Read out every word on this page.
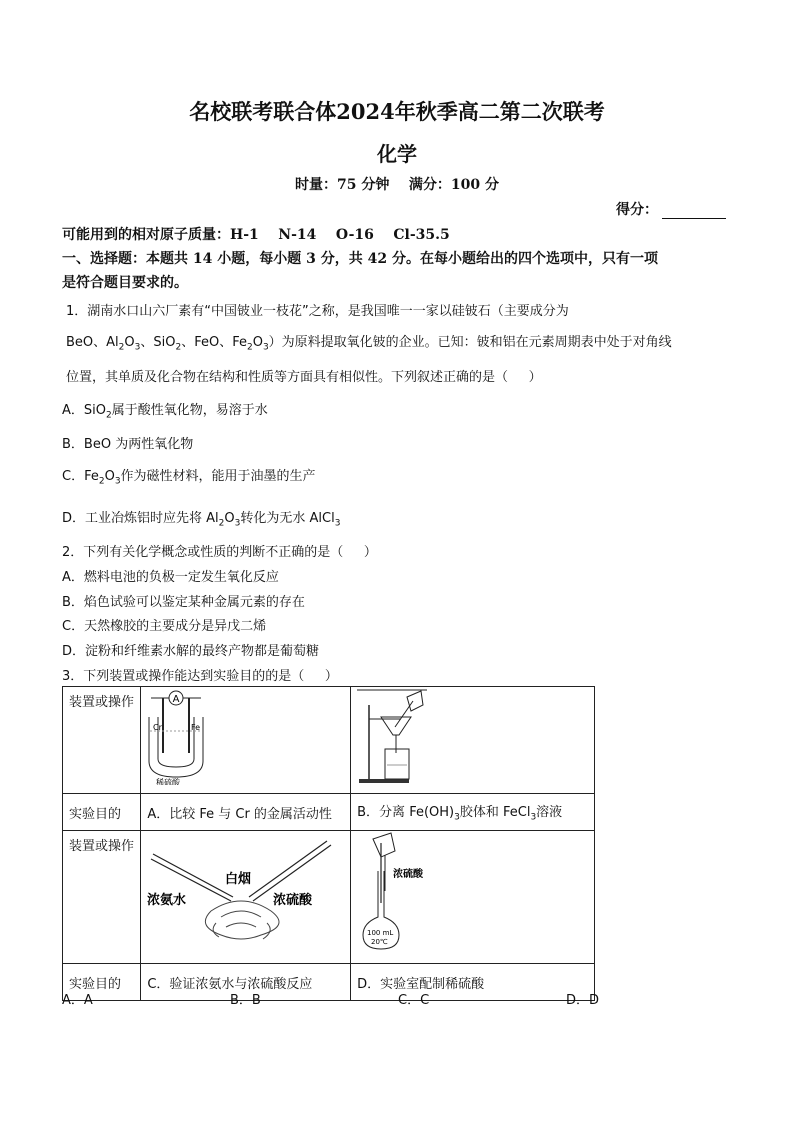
名校联考联合体2024年秋季高二第二次联考
化学
时量：75 分钟    满分：100 分
得分：
可能用到的相对原子质量：H-1    N-14    O-16    Cl-35.5
一、选择题：本题共 14 小题，每小题 3 分，共 42 分。在每小题给出的四个选项中，只有一项
是符合题目要求的。
1．湖南水口山六厂素有“中国铍业一枝花”之称，是我国唯一一家以硅铍石（主要成分为
BeO、$Al_2O_3$、SiO$_2$、FeO、$Fe_2O_3$）为原料提取氧化铍的企业。已知：铍和铝在元素周期表中处于对角线
位置，其单质及化合物在结构和性质等方面具有相似性。下列叙述正确的是（     ）
A．SiO$_2$属于酸性氧化物，易溶于水
B．BeO 为两性氧化物
C．$Fe_2O_3$作为磁性材料，能用于油墨的生产
D．工业冶炼铝时应先将 $Al_2O_3$转化为无水 AlCl$_3$
2．下列有关化学概念或性质的判断不正确的是（     ）
A．燃料电池的负极一定发生氧化反应
B．焰色试验可以鉴定某种金属元素的存在
C．天然橡胶的主要成分是异戊二烯
D．淀粉和纤维素水解的最终产物都是葡萄糖
3．下列装置或操作能达到实验目的的是（     ）
装置或操作	A
Cr Fe
稀硫酸

实验目的	A．比较 Fe 与 Cr 的金属活动性	B．分离 $Fe(OH)_3$胶体和 FeCl$_3$溶液
装置或操作	白烟
浓氨水 浓硫酸	浓硫酸
100 mL
20℃

实验目的	C．验证浓氨水与浓硫酸反应	D．实验室配制稀硫酸
A．A	B．B	C．C	D．D
